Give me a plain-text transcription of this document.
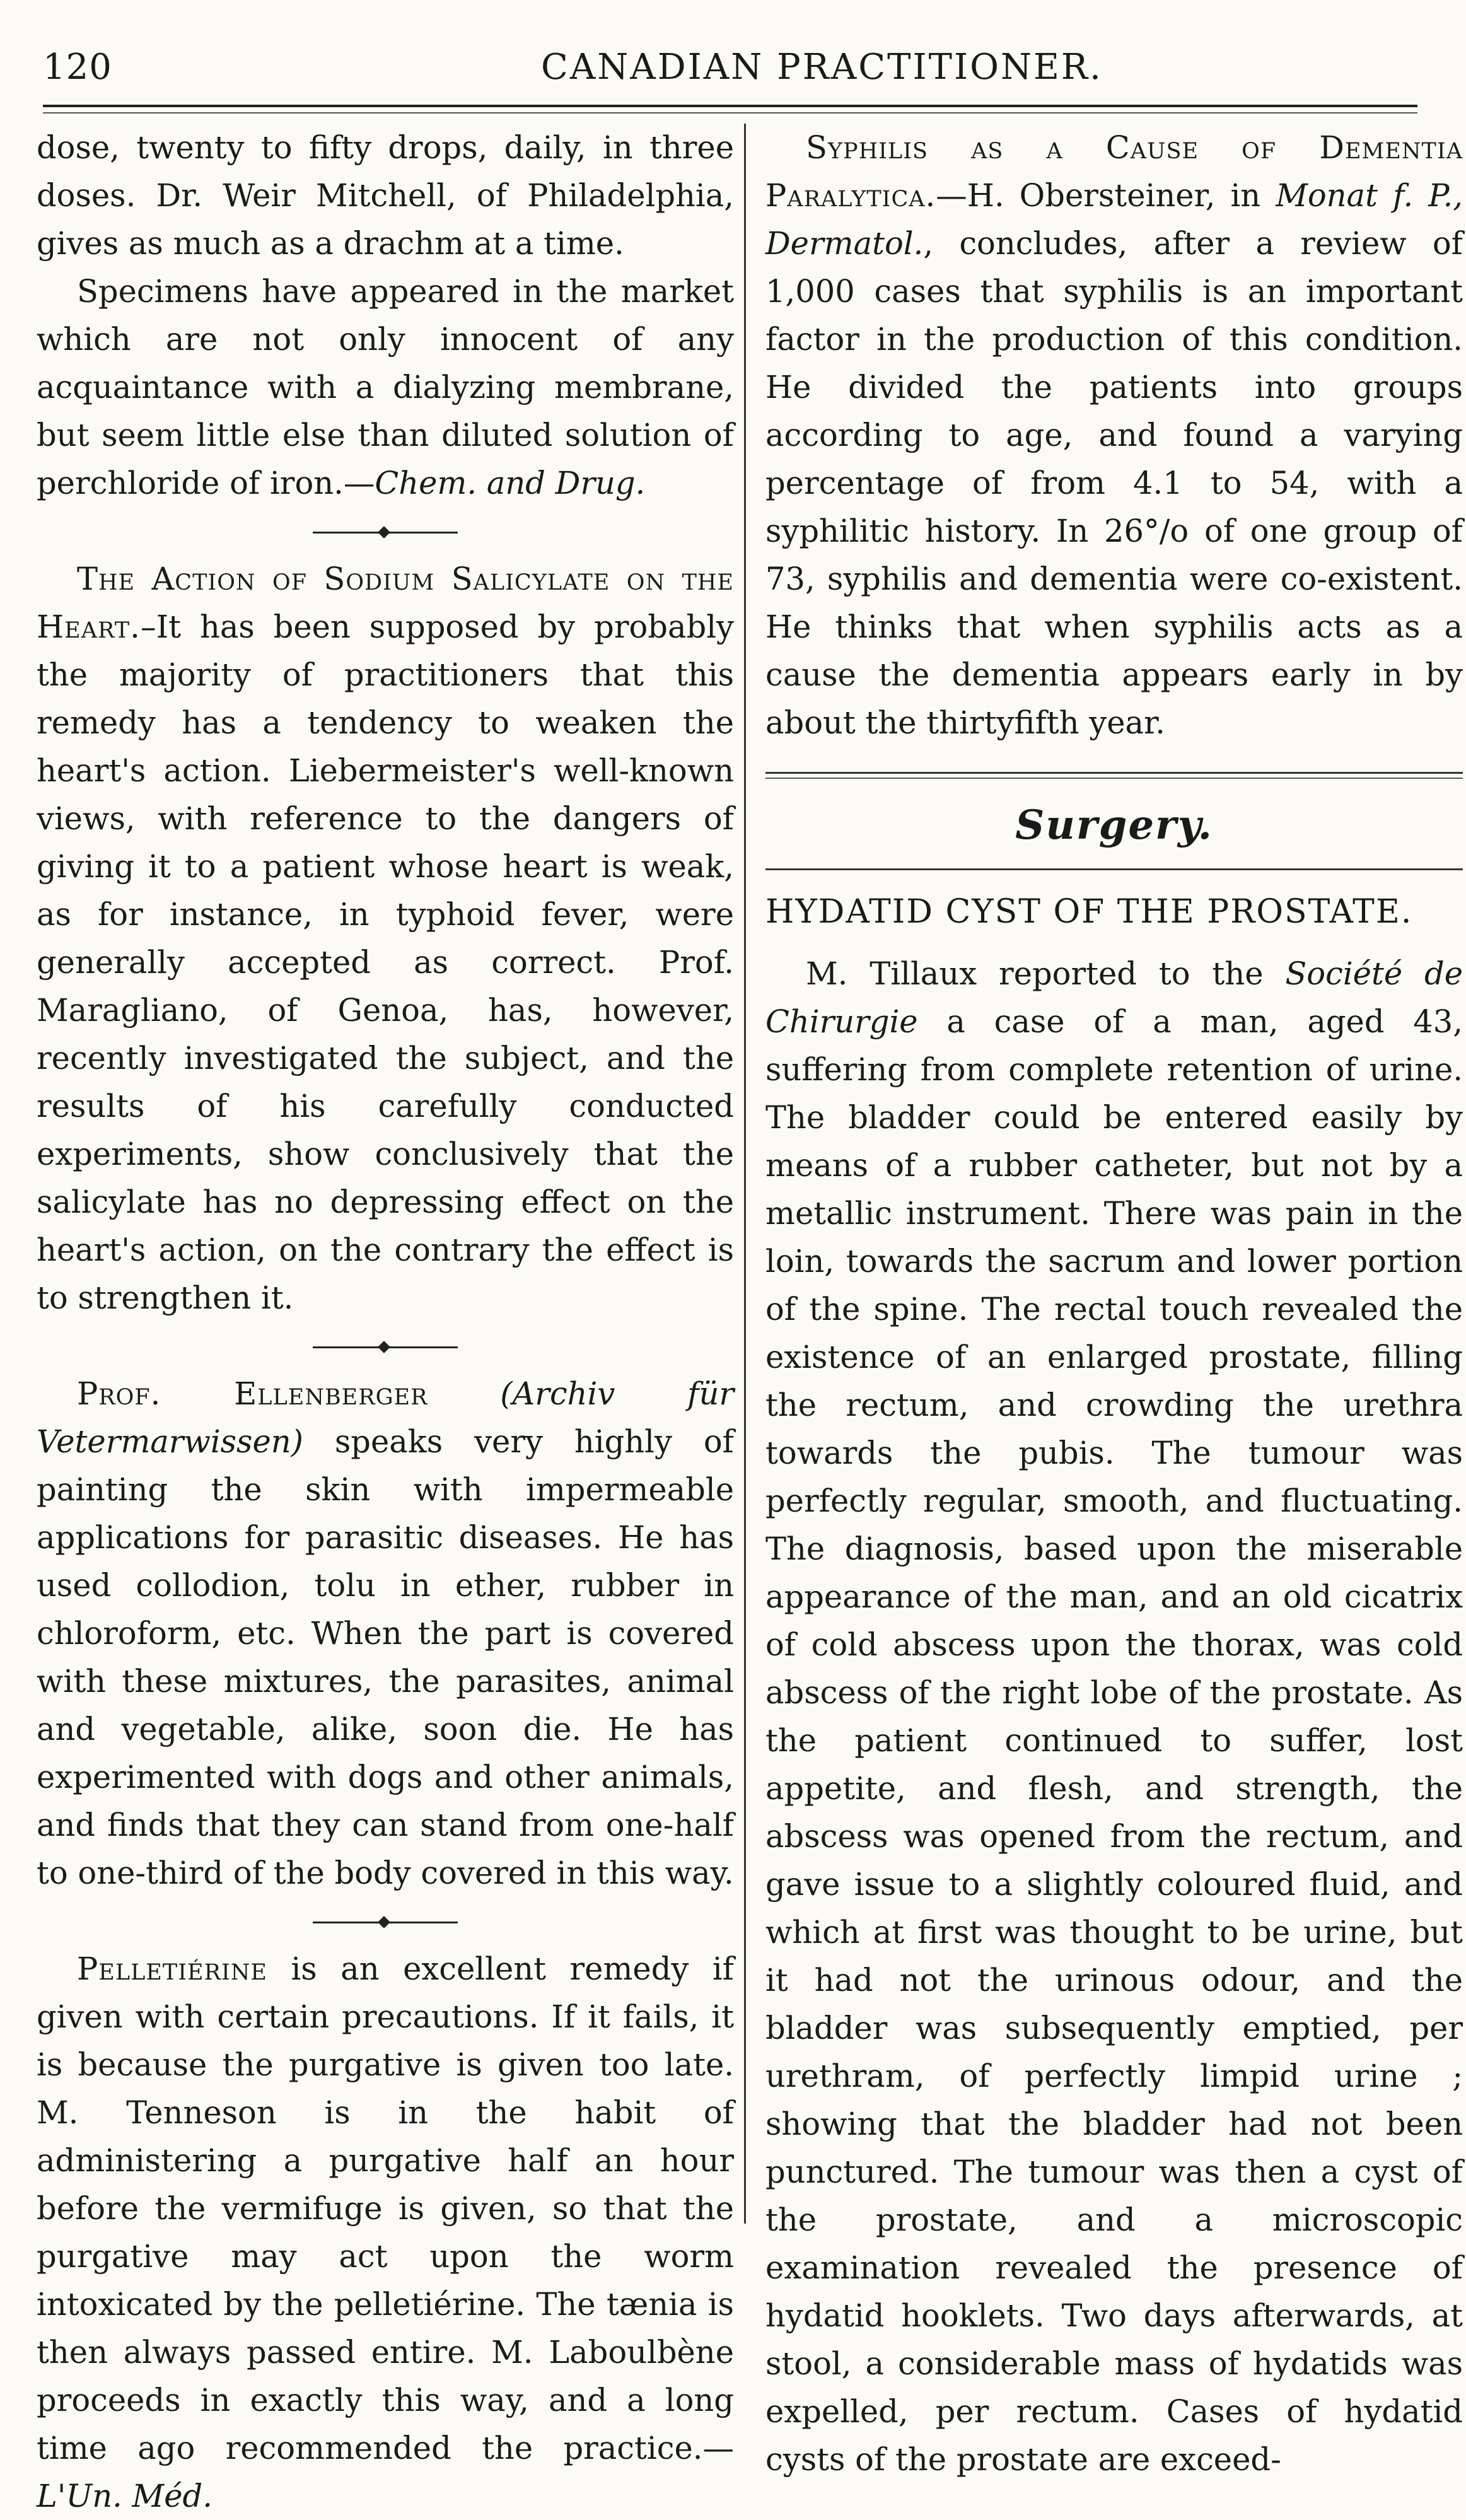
120	CANADIAN PRACTITIONER.

dose, twenty to fifty drops, daily, in three doses. Dr. Weir Mitchell, of Philadelphia, gives as much as a drachm at a time.

Specimens have appeared in the market which are not only innocent of any acquaintance with a dialyzing membrane, but seem little else than diluted solution of perchloride of iron.—Chem. and Drug.

The Action of Sodium Salicylate on the Heart.–It has been supposed by probably the majority of practitioners that this remedy has a tendency to weaken the heart's action. Liebermeister's well-known views, with reference to the dangers of giving it to a patient whose heart is weak, as for instance, in typhoid fever, were generally accepted as correct. Prof. Maragliano, of Genoa, has, however, recently investigated the subject, and the results of his carefully conducted experiments, show conclusively that the salicylate has no depressing effect on the heart's action, on the contrary the effect is to strengthen it.

Prof. Ellenberger (Archiv für Vetermarwissen) speaks very highly of painting the skin with impermeable applications for parasitic diseases. He has used collodion, tolu in ether, rubber in chloroform, etc. When the part is covered with these mixtures, the parasites, animal and vegetable, alike, soon die. He has experimented with dogs and other animals, and finds that they can stand from one-half to one-third of the body covered in this way.

Pelletiérine is an excellent remedy if given with certain precautions. If it fails, it is because the purgative is given too late. M. Tenneson is in the habit of administering a purgative half an hour before the vermifuge is given, so that the purgative may act upon the worm intoxicated by the pelletiérine. The tænia is then always passed entire. M. Laboulbène proceeds in exactly this way, and a long time ago recommended the practice.—L'Un. Méd.

Syphilis as a Cause of Dementia Paralytica.—H. Obersteiner, in Monat f. P., Dermatol., concludes, after a review of 1,000 cases that syphilis is an important factor in the production of this condition. He divided the patients into groups according to age, and found a varying percentage of from 4.1 to 54, with a syphilitic history. In 26°/o of one group of 73, syphilis and dementia were co-existent. He thinks that when syphilis acts as a cause the dementia appears early in by about the thirtyfifth year.

Surgery.
HYDATID CYST OF THE PROSTATE.

M. Tillaux reported to the Société de Chirurgie a case of a man, aged 43, suffering from complete retention of urine. The bladder could be entered easily by means of a rubber catheter, but not by a metallic instrument. There was pain in the loin, towards the sacrum and lower portion of the spine. The rectal touch revealed the existence of an enlarged prostate, filling the rectum, and crowding the urethra towards the pubis. The tumour was perfectly regular, smooth, and fluctuating. The diagnosis, based upon the miserable appearance of the man, and an old cicatrix of cold abscess upon the thorax, was cold abscess of the right lobe of the prostate. As the patient continued to suffer, lost appetite, and flesh, and strength, the abscess was opened from the rectum, and gave issue to a slightly coloured fluid, and which at first was thought to be urine, but it had not the urinous odour, and the bladder was subsequently emptied, per urethram, of perfectly limpid urine ; showing that the bladder had not been punctured. The tumour was then a cyst of the prostate, and a microscopic examination revealed the presence of hydatid hooklets. Two days afterwards, at stool, a considerable mass of hydatids was expelled, per rectum. Cases of hydatid cysts of the prostate are exceed-
